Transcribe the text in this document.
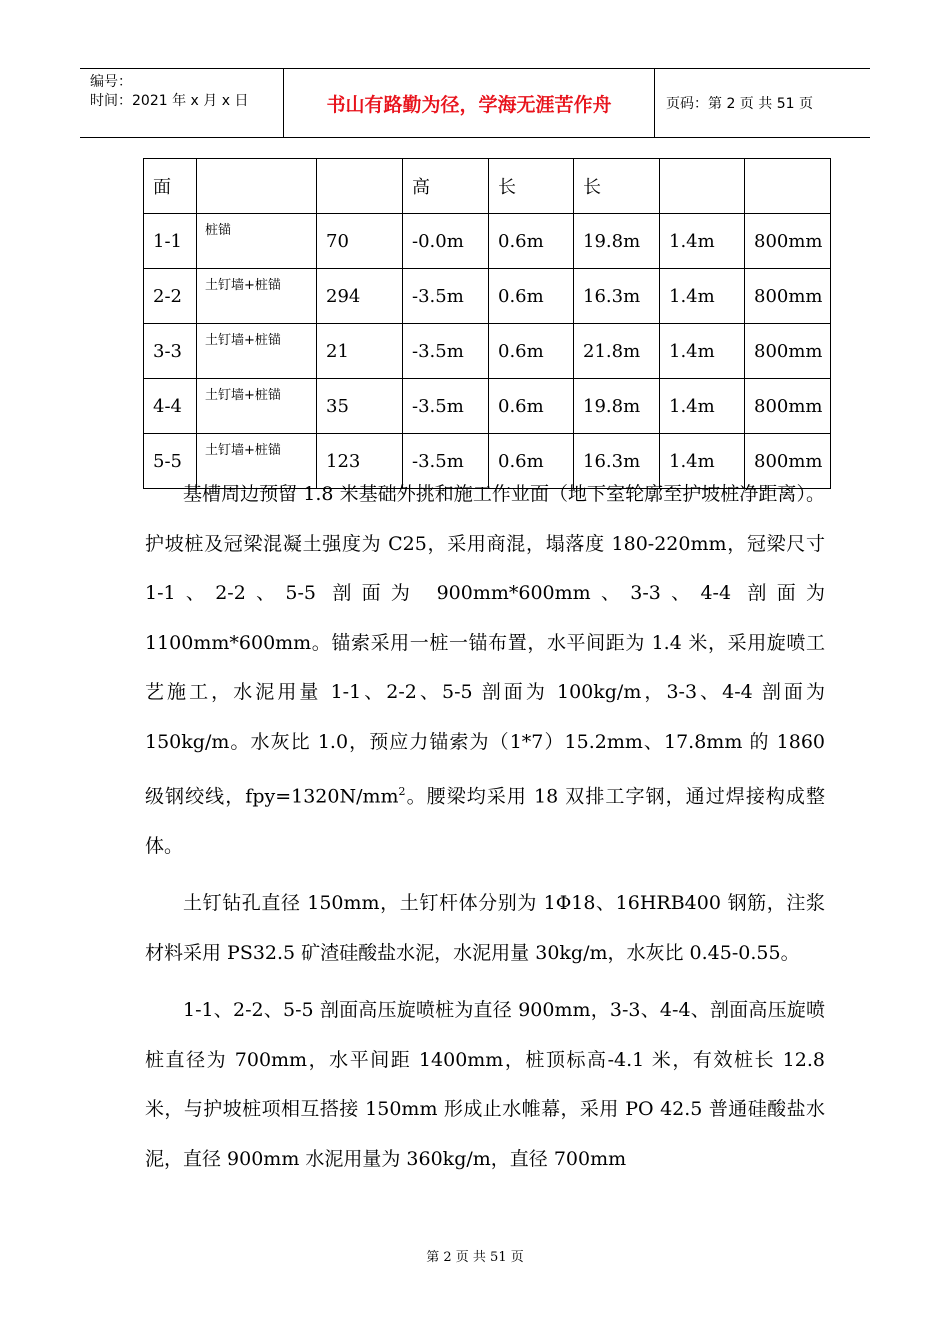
编号：
时间：2021 年 x 月 x 日	书山有路勤为径，学海无涯苦作舟	页码：第 2 页 共 51 页
面			高	长	长		
1-1	桩锚	70	-0.0m	0.6m	19.8m	1.4m	800mm
2-2	土钉墙+桩锚	294	-3.5m	0.6m	16.3m	1.4m	800mm
3-3	土钉墙+桩锚	21	-3.5m	0.6m	21.8m	1.4m	800mm
4-4	土钉墙+桩锚	35	-3.5m	0.6m	19.8m	1.4m	800mm
5-5	土钉墙+桩锚	123	-3.5m	0.6m	16.3m	1.4m	800mm

基槽周边预留 1.8 米基础外挑和施工作业面（地下室轮廓至护坡桩净距离）。护坡桩及冠梁混凝土强度为 C25，采用商混，塌落度 180-220mm，冠梁尺寸 1-1、2-2、5-5 剖面为 900mm*600mm、3-3、4-4 剖面为 1100mm*600mm。锚索采用一桩一锚布置，水平间距为 1.4 米，采用旋喷工艺施工，水泥用量 1-1、2-2、5-5 剖面为 100kg/m，3-3、4-4 剖面为 150kg/m。水灰比 1.0，预应力锚索为（1*7）15.2mm、17.8mm 的 1860 级钢绞线，$fpy=1320N/mm^2$。腰梁均采用 18 双排工字钢，通过焊接构成整体。

土钉钻孔直径 150mm，土钉杆体分别为 1Φ18、16HRB400 钢筋，注浆材料采用 PS32.5 矿渣硅酸盐水泥，水泥用量 30kg/m，水灰比 0.45-0.55。

1-1、2-2、5-5 剖面高压旋喷桩为直径 900mm，3-3、4-4、剖面高压旋喷桩直径为 700mm，水平间距 1400mm，桩顶标高-4.1 米，有效桩长 12.8 米，与护坡桩项相互搭接 150mm 形成止水帷幕，采用 PO 42.5 普通硅酸盐水泥，直径 900mm 水泥用量为 360kg/m，直径 700mm

第 2 页 共 51 页
